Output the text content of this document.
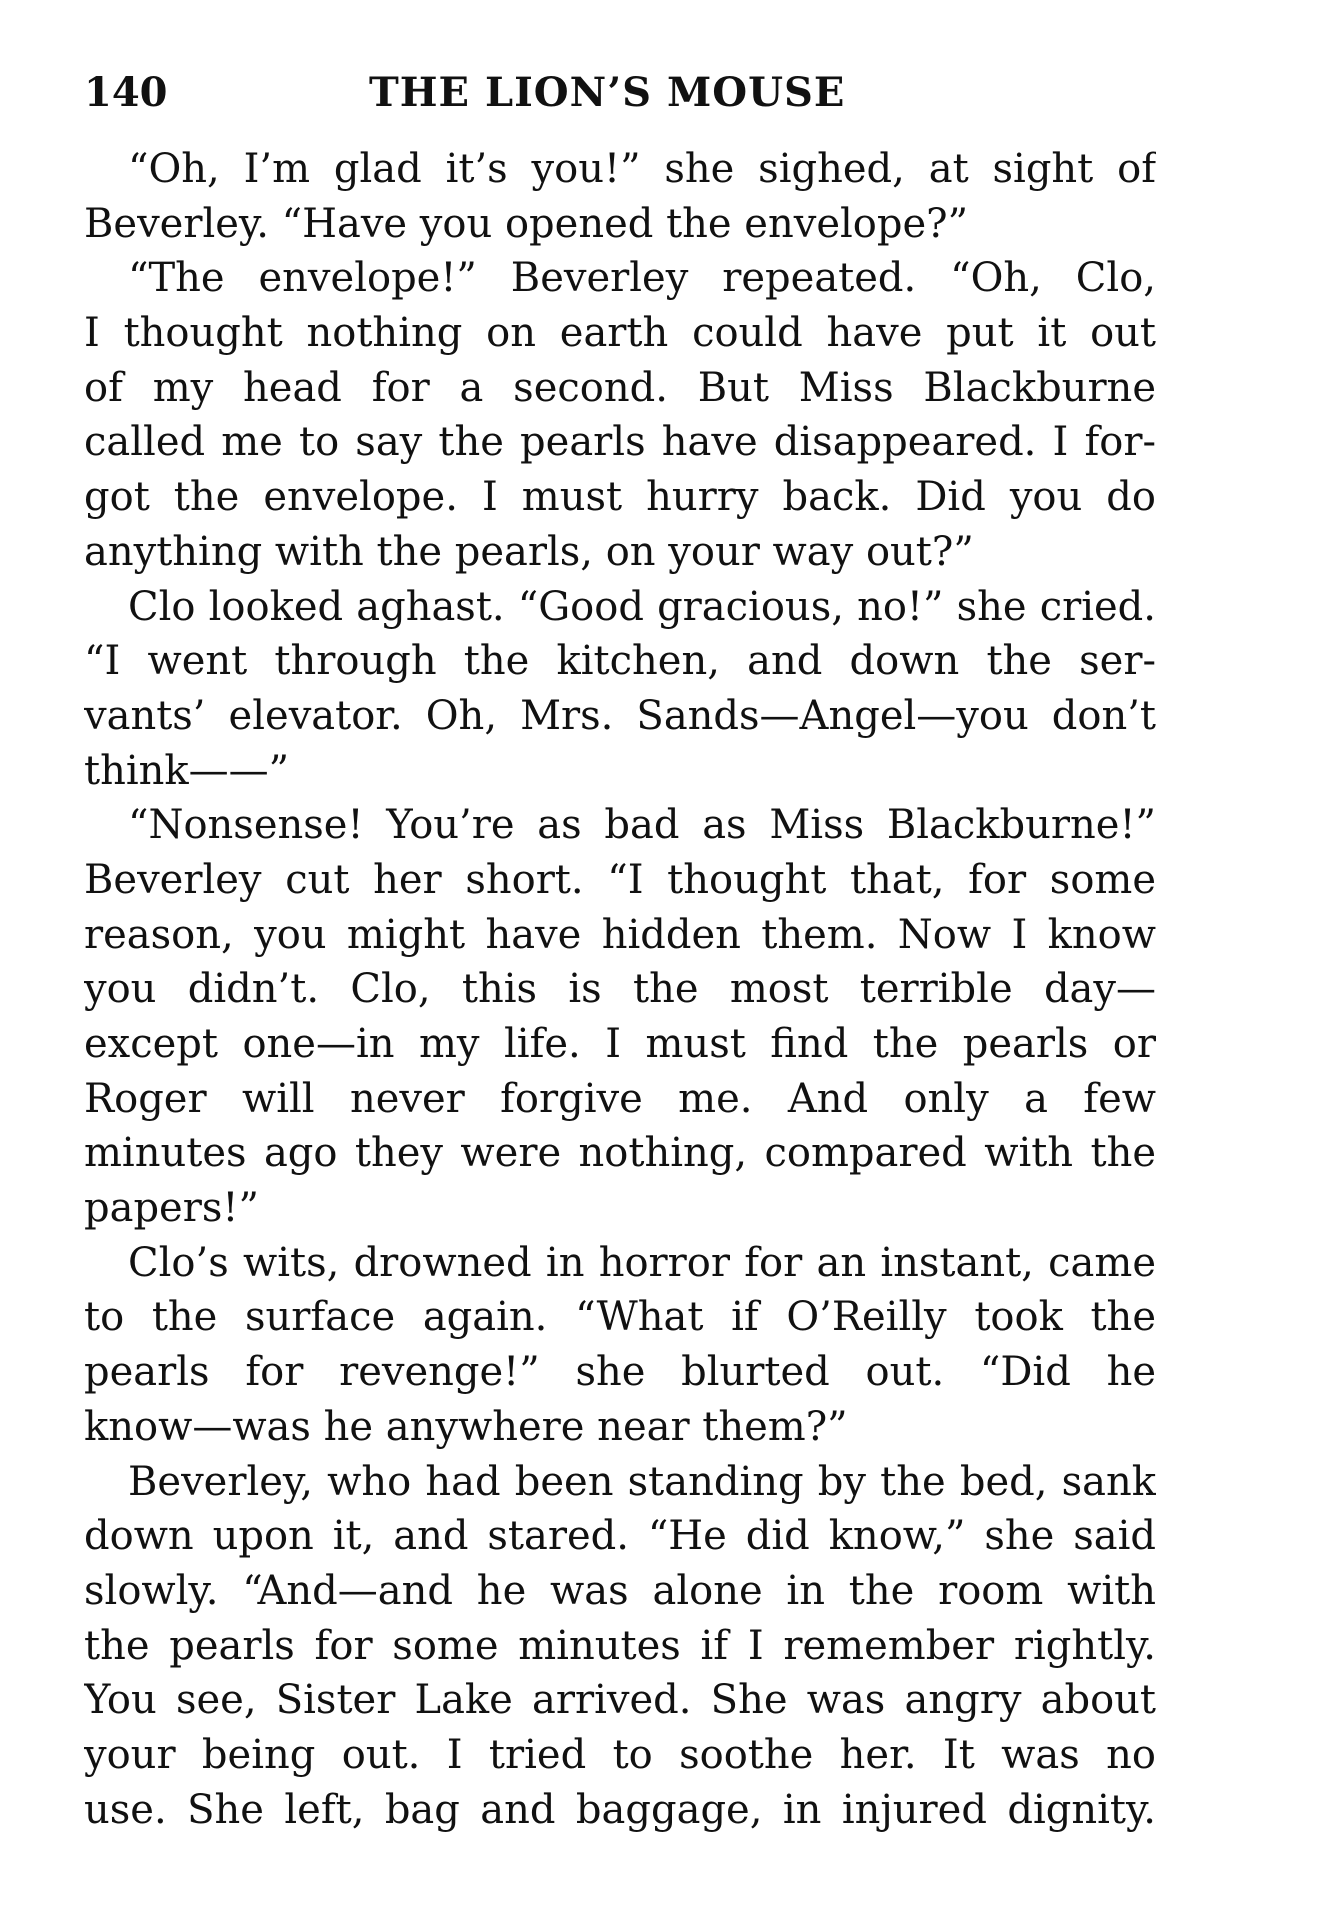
140	THE LION’S MOUSE
“Oh, I’m glad it’s you!” she sighed, at sight of
Beverley. “Have you opened the envelope?”
“The envelope!” Beverley repeated. “Oh, Clo,
I thought nothing on earth could have put it out
of my head for a second. But Miss Blackburne
called me to say the pearls have disappeared. I for-
got the envelope. I must hurry back. Did you do
anything with the pearls, on your way out?”
Clo looked aghast. “Good gracious, no!” she cried.
“I went through the kitchen, and down the ser-
vants’ elevator. Oh, Mrs. Sands—Angel—you don’t
think——”
“Nonsense! You’re as bad as Miss Blackburne!”
Beverley cut her short. “I thought that, for some
reason, you might have hidden them. Now I know
you didn’t. Clo, this is the most terrible day—
except one—in my life. I must find the pearls or
Roger will never forgive me. And only a few
minutes ago they were nothing, compared with the
papers!”
Clo’s wits, drowned in horror for an instant, came
to the surface again. “What if O’Reilly took the
pearls for revenge!” she blurted out. “Did he
know—was he anywhere near them?”
Beverley, who had been standing by the bed, sank
down upon it, and stared. “He did know,” she said
slowly. “And—and he was alone in the room with
the pearls for some minutes if I remember rightly.
You see, Sister Lake arrived. She was angry about
your being out. I tried to soothe her. It was no
use. She left, bag and baggage, in injured dignity.
